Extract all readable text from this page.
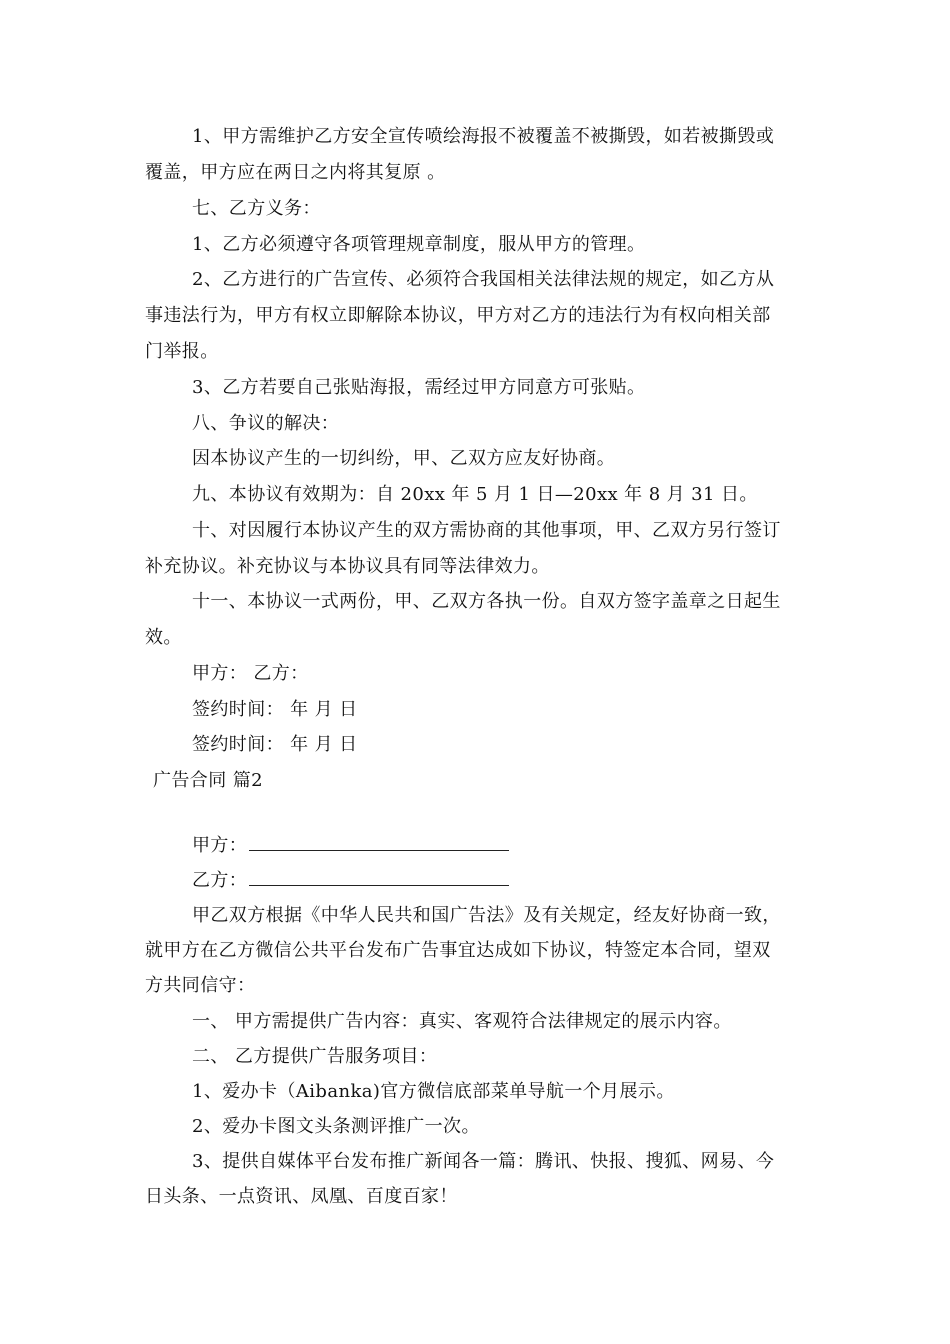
1、甲方需维护乙方安全宣传喷绘海报不被覆盖不被撕毁，如若被撕毁或
覆盖，甲方应在两日之内将其复原 。
七、乙方义务：
1、乙方必须遵守各项管理规章制度，服从甲方的管理。
2、乙方进行的广告宣传、必须符合我国相关法律法规的规定，如乙方从
事违法行为，甲方有权立即解除本协议，甲方对乙方的违法行为有权向相关部
门举报。
3、乙方若要自己张贴海报，需经过甲方同意方可张贴。
八、争议的解决：
因本协议产生的一切纠纷，甲、乙双方应友好协商。
九、本协议有效期为：自 20xx 年 5 月 1 日—20xx 年 8 月 31 日。
十、对因履行本协议产生的双方需协商的其他事项，甲、乙双方另行签订
补充协议。补充协议与本协议具有同等法律效力。
十一、本协议一式两份，甲、乙双方各执一份。自双方签字盖章之日起生
效。
甲方： 乙方：
签约时间： 年 月 日
签约时间： 年 月 日
广告合同 篇2
甲方：
乙方：
甲乙双方根据《中华人民共和国广告法》及有关规定，经友好协商一致，
就甲方在乙方微信公共平台发布广告事宜达成如下协议，特签定本合同，望双
方共同信守：
一、 甲方需提供广告内容：真实、客观符合法律规定的展示内容。
二、 乙方提供广告服务项目：
1、爱办卡（Aibanka)官方微信底部菜单导航一个月展示。
2、爱办卡图文头条测评推广一次。
3、提供自媒体平台发布推广新闻各一篇：腾讯、快报、搜狐、网易、今
日头条、一点资讯、凤凰、百度百家！
